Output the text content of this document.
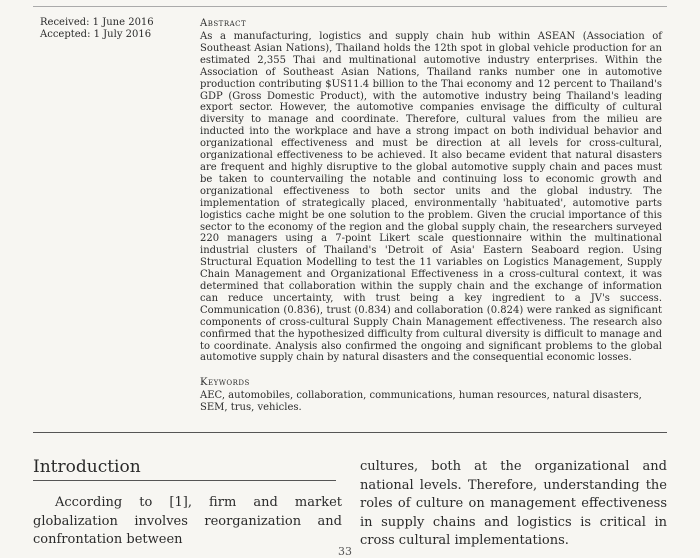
Received: 1 June 2016
Accepted: 1 July 2016
Abstract
As a manufacturing, logistics and supply chain hub within ASEAN (Association of Southeast Asian Nations), Thailand holds the 12th spot in global vehicle production for an estimated 2,355 Thai and multinational automotive industry enterprises. Within the Association of Southeast Asian Nations, Thailand ranks number one in automotive production contributing $US11.4 billion to the Thai economy and 12 percent to Thailand's GDP (Gross Domestic Product), with the automotive industry being Thailand's leading export sector. However, the automotive companies envisage the difficulty of cultural diversity to manage and coordinate. Therefore, cultural values from the milieu are inducted into the workplace and have a strong impact on both individual behavior and organizational effectiveness and must be direction at all levels for cross-cultural, organizational effectiveness to be achieved. It also became evident that natural disasters are frequent and highly disruptive to the global automotive supply chain and paces must be taken to countervailing the notable and continuing loss to economic growth and organizational effectiveness to both sector units and the global industry. The implementation of strategically placed, environmentally 'habituated', automotive parts logistics cache might be one solution to the problem. Given the crucial importance of this sector to the economy of the region and the global supply chain, the researchers surveyed 220 managers using a 7-point Likert scale questionnaire within the multinational industrial clusters of Thailand's 'Detroit of Asia' Eastern Seaboard region. Using Structural Equation Modelling to test the 11 variables on Logistics Management, Supply Chain Management and Organizational Effectiveness in a cross-cultural context, it was determined that collaboration within the supply chain and the exchange of information can reduce uncertainty, with trust being a key ingredient to a JV's success. Communication (0.836), trust (0.834) and collaboration (0.824) were ranked as significant components of cross-cultural Supply Chain Management effectiveness. The research also confirmed that the hypothesized difficulty from cultural diversity is difficult to manage and to coordinate. Analysis also confirmed the ongoing and significant problems to the global automotive supply chain by natural disasters and the consequential economic losses.
Keywords
AEC, automobiles, collaboration, communications, human resources, natural disasters, SEM, trus, vehicles.
Introduction
According to [1], firm and market globalization involves reorganization and confrontation between
cultures, both at the organizational and national levels. Therefore, understanding the roles of culture on management effectiveness in supply chains and logistics is critical in cross cultural implementations.
33
